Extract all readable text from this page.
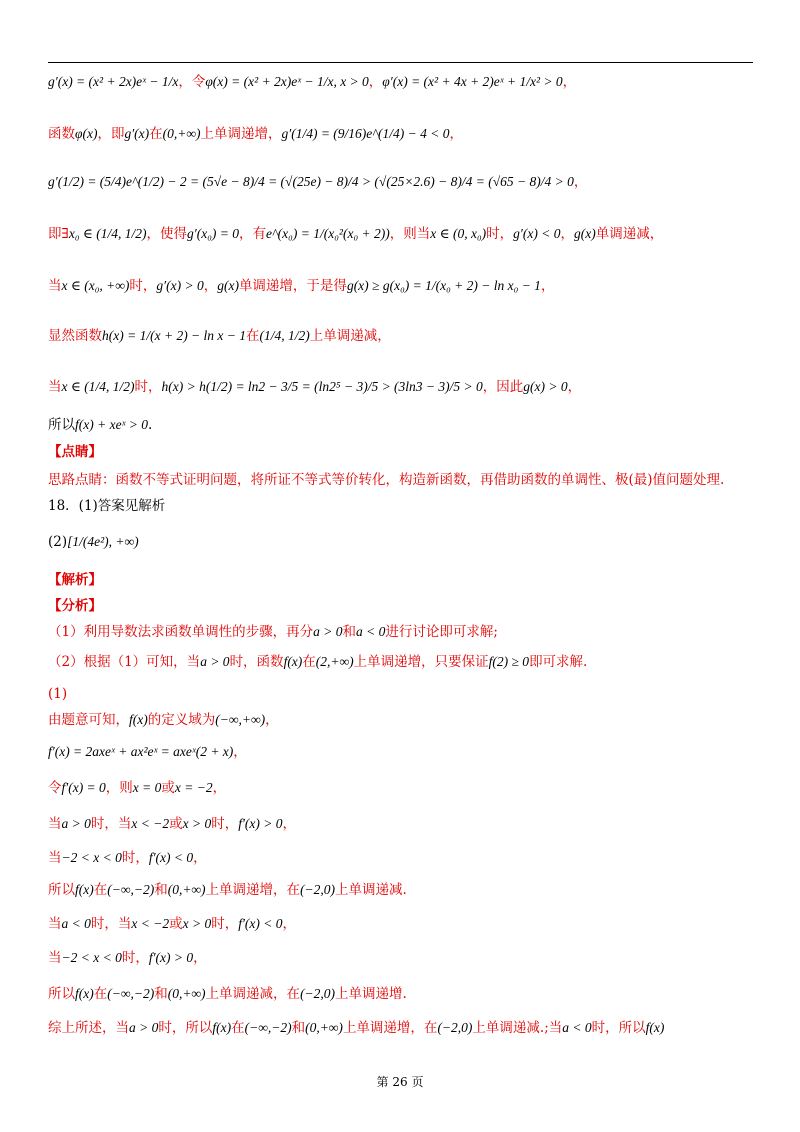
g′(x) = (x² + 2x)eˣ − 1/x，令φ(x) = (x² + 2x)eˣ − 1/x, x > 0，φ′(x) = (x² + 4x + 2)eˣ + 1/x² > 0，
函数φ(x)，即g′(x)在(0,+∞)上单调递增，g′(1/4) = (9/16)e^(1/4) − 4 < 0，
g′(1/2) = (5/4)e^(1/2) − 2 = (5√e − 8)/4 = (√(25e) − 8)/4 > (√(25×2.6) − 8)/4 = (√65 − 8)/4 > 0，
即∃x₀ ∈ (1/4, 1/2)，使得g′(x₀) = 0，有e^(x₀) = 1/(x₀²(x₀ + 2))，则当x ∈ (0, x₀)时，g′(x) < 0，g(x)单调递减，
当x ∈ (x₀, +∞)时，g′(x) > 0，g(x)单调递增，于是得g(x) ≥ g(x₀) = 1/(x₀ + 2) − ln x₀ − 1，
显然函数h(x) = 1/(x + 2) − ln x − 1在(1/4, 1/2)上单调递减，
当x ∈ (1/4, 1/2)时，h(x) > h(1/2) = ln2 − 3/5 = (ln2⁵ − 3)/5 > (3ln3 − 3)/5 > 0，因此g(x) > 0，
所以f(x) + xeˣ > 0.
【点睛】
思路点睛：函数不等式证明问题，将所证不等式等价转化，构造新函数，再借助函数的单调性、极(最)值问题处理.
18．(1)答案见解析
(2)[1/(4e²), +∞)
【解析】
【分析】
（1）利用导数法求函数单调性的步骤，再分a > 0和a < 0进行讨论即可求解;
（2）根据（1）可知，当a > 0时，函数f(x)在(2,+∞)上单调递增，只要保证f(2) ≥ 0即可求解.
(1)
由题意可知，f(x)的定义域为(−∞,+∞)，
f′(x) = 2axeˣ + ax²eˣ = axeˣ(2 + x)，
令f′(x) = 0，则x = 0或x = −2，
当a > 0时，当x < −2或x > 0时，f′(x) > 0，
当−2 < x < 0时，f′(x) < 0，
所以f(x)在(−∞,−2)和(0,+∞)上单调递增，在(−2,0)上单调递减.
当a < 0时，当x < −2或x > 0时，f′(x) < 0，
当−2 < x < 0时，f′(x) > 0，
所以f(x)在(−∞,−2)和(0,+∞)上单调递减，在(−2,0)上单调递增.
综上所述，当a > 0时，所以f(x)在(−∞,−2)和(0,+∞)上单调递增，在(−2,0)上单调递减.;当a < 0时，所以f(x)
第 26 页
